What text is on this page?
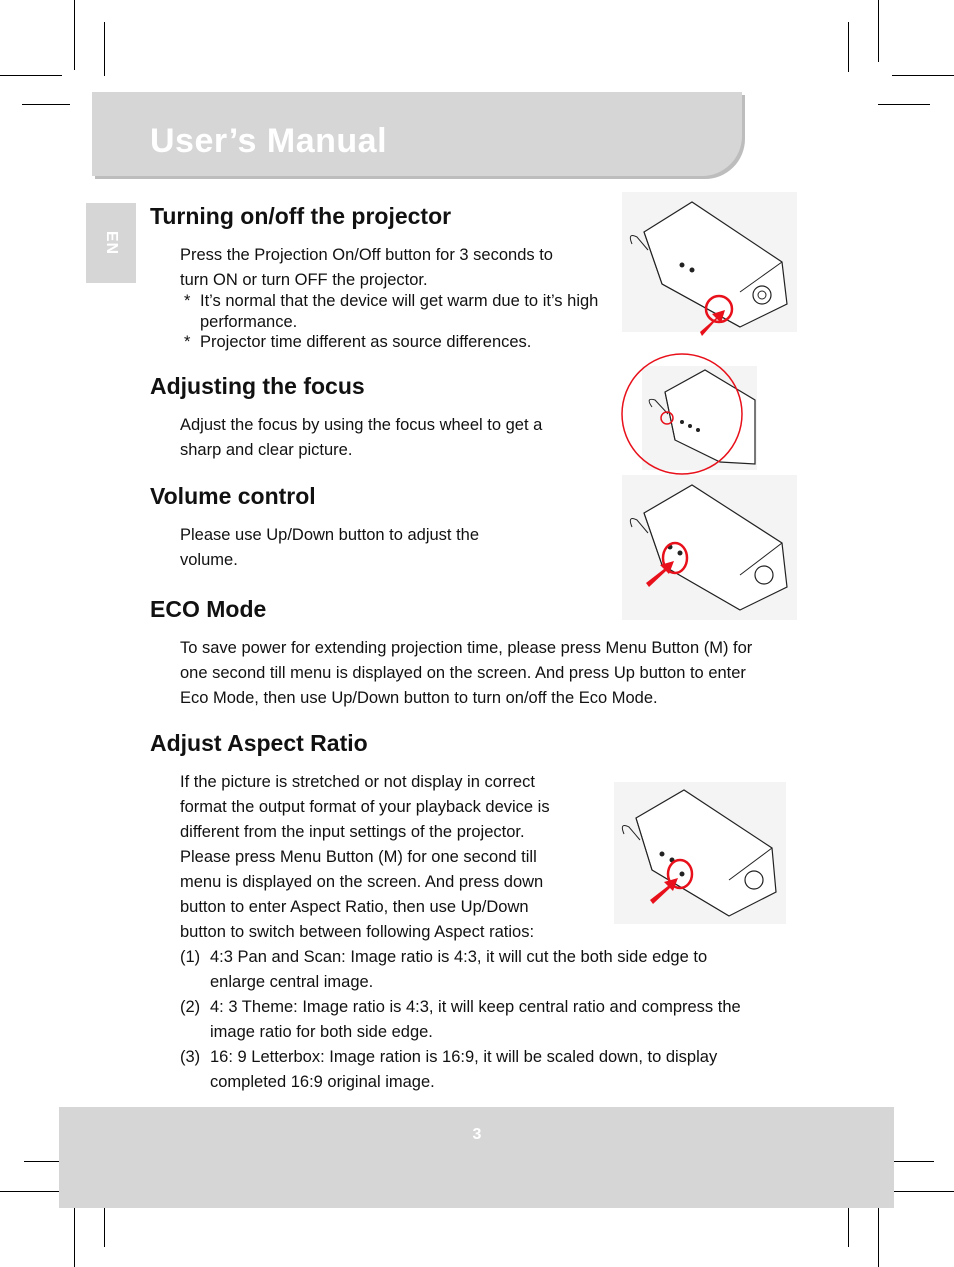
User’s Manual
EN
Turning on/off the projector
Press the Projection On/Off button for 3 seconds to
turn ON or turn OFF the projector.
* It’s normal that the device will get warm due to it’s high
performance.
* Projector time different as source differences.
Adjusting the focus
Adjust the focus by using the focus wheel to get a
sharp and clear picture.
Volume control
Please use Up/Down button to adjust the
volume.
ECO Mode
To save power for extending projection time, please press Menu Button (M) for
one second till menu is displayed on the screen. And press Up button to enter
Eco Mode, then use Up/Down button to turn on/off the Eco Mode.
Adjust Aspect Ratio
If the picture is stretched or not display in correct
format the output format of your playback device is
different from the input settings of the projector.
Please press Menu Button (M) for one second till
menu is displayed on the screen. And press down
button to enter Aspect Ratio, then use Up/Down
button to switch between following Aspect ratios:
(1) 4:3 Pan and Scan: Image ratio is 4:3, it will cut the both side edge to
enlarge central image.
(2) 4: 3 Theme: Image ratio is 4:3, it will keep central ratio and compress the
image ratio for both side edge.
(3) 16: 9 Letterbox: Image ration is 16:9, it will be scaled down, to display
completed 16:9 original image.
3
